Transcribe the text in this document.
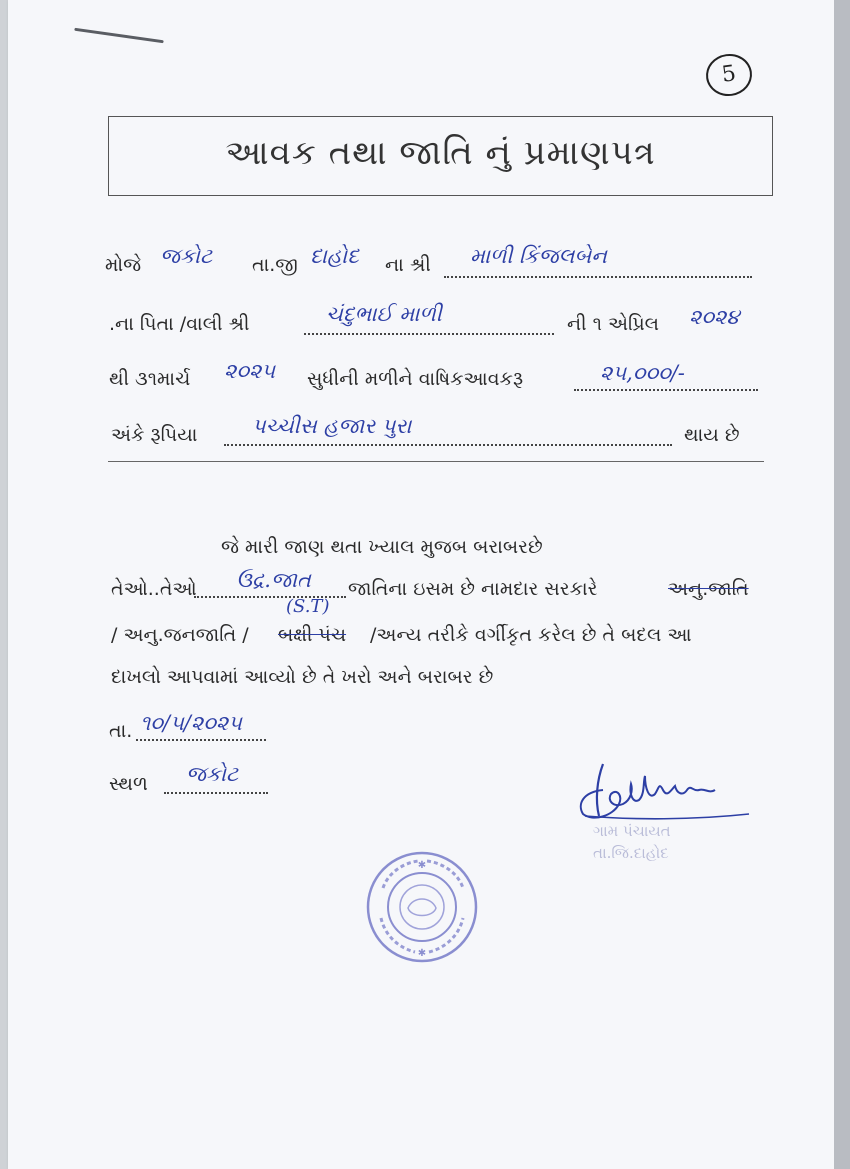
5
આવક તથા જાતિ નું પ્રમાણપત્ર
મોજે જકોટ તા.જી દાહોદ ના શ્રી માળી કિંજલબેન
.ના પિતા /વાલી શ્રી	ચંદુભાઈ માળી	ની ૧ એપ્રિલ ૨૦૨૪
થી ૩૧માર્ચ ૨૦૨૫ સુધીની મળીને વાષિકઆવકરૂ	૨૫,૦૦૦/-
અંકે રૂપિયા	પચ્ચીસ હજાર પુરા	થાય છે
જે મારી જાણ થતા ખ્યાલ મુજબ બરાબરછે
તેઓ..તેઓ ઉદ્ર.જાત જાતિના ઇસમ છે નામદાર સરકારે	અનુ.જાતિ
(S.T)
/ અનુ.જનજાતિ / બક્ષી પંચ /અન્ય તરીકે વર્ગીકૃત કરેલ છે તે બદલ આ
દાખલો આપવામાં આવ્યો છે તે ખરો અને બરાબર છે
તા. ૧૦/૫/૨૦૨૫
સ્થળ જકોટ
ગામ પંચાયત
તા.જિ.દાહોદ
✱
✱
